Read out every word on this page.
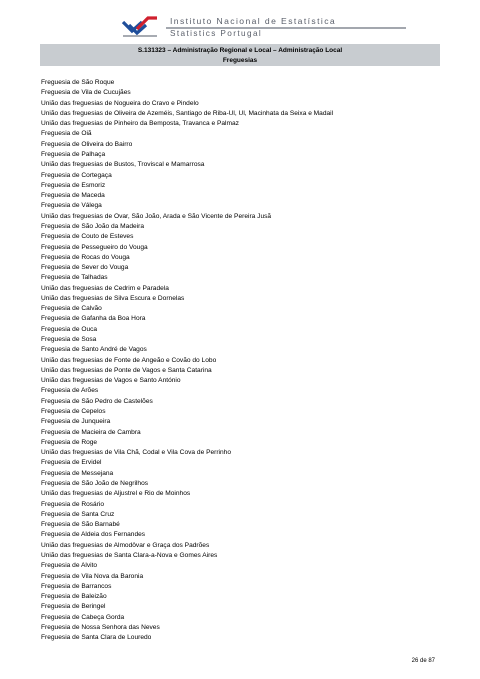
Instituto Nacional de Estatística
Statistics Portugal
S.131323 – Administração Regional e Local – Administração Local
Freguesias
Freguesia de São Roque
Freguesia de Vila de Cucujães
União das freguesias de Nogueira do Cravo e Pindelo
União das freguesias de Oliveira de Azeméis, Santiago de Riba-Ul, Ul, Macinhata da Seixa e Madail
União das freguesias de Pinheiro da Bemposta, Travanca e Palmaz
Freguesia de Oiã
Freguesia de Oliveira do Bairro
Freguesia de Palhaça
União das freguesias de Bustos, Troviscal e Mamarrosa
Freguesia de Cortegaça
Freguesia de Esmoriz
Freguesia de Maceda
Freguesia de Válega
União das freguesias de Ovar, São João, Arada e São Vicente de Pereira Jusã
Freguesia de São João da Madeira
Freguesia de Couto de Esteves
Freguesia de Pessegueiro do Vouga
Freguesia de Rocas do Vouga
Freguesia de Sever do Vouga
Freguesia de Talhadas
União das freguesias de Cedrim e Paradela
União das freguesias de Silva Escura e Dornelas
Freguesia de Calvão
Freguesia de Gafanha da Boa Hora
Freguesia de Ouca
Freguesia de Sosa
Freguesia de Santo André de Vagos
União das freguesias de Fonte de Angeão e Covão do Lobo
União das freguesias de Ponte de Vagos e Santa Catarina
União das freguesias de Vagos e Santo António
Freguesia de Arões
Freguesia de São Pedro de Castelões
Freguesia de Cepelos
Freguesia de Junqueira
Freguesia de Macieira de Cambra
Freguesia de Roge
União das freguesias de Vila Chã, Codal e Vila Cova de Perrinho
Freguesia de Ervidel
Freguesia de Messejana
Freguesia de São João de Negrilhos
União das freguesias de Aljustrel e Rio de Moinhos
Freguesia de Rosário
Freguesia de Santa Cruz
Freguesia de São Barnabé
Freguesia de Aldeia dos Fernandes
União das freguesias de Almodôvar e Graça dos Padrões
União das freguesias de Santa Clara-a-Nova e Gomes Aires
Freguesia de Alvito
Freguesia de Vila Nova da Baronia
Freguesia de Barrancos
Freguesia de Baleizão
Freguesia de Beringel
Freguesia de Cabeça Gorda
Freguesia de Nossa Senhora das Neves
Freguesia de Santa Clara de Louredo
26 de 87
